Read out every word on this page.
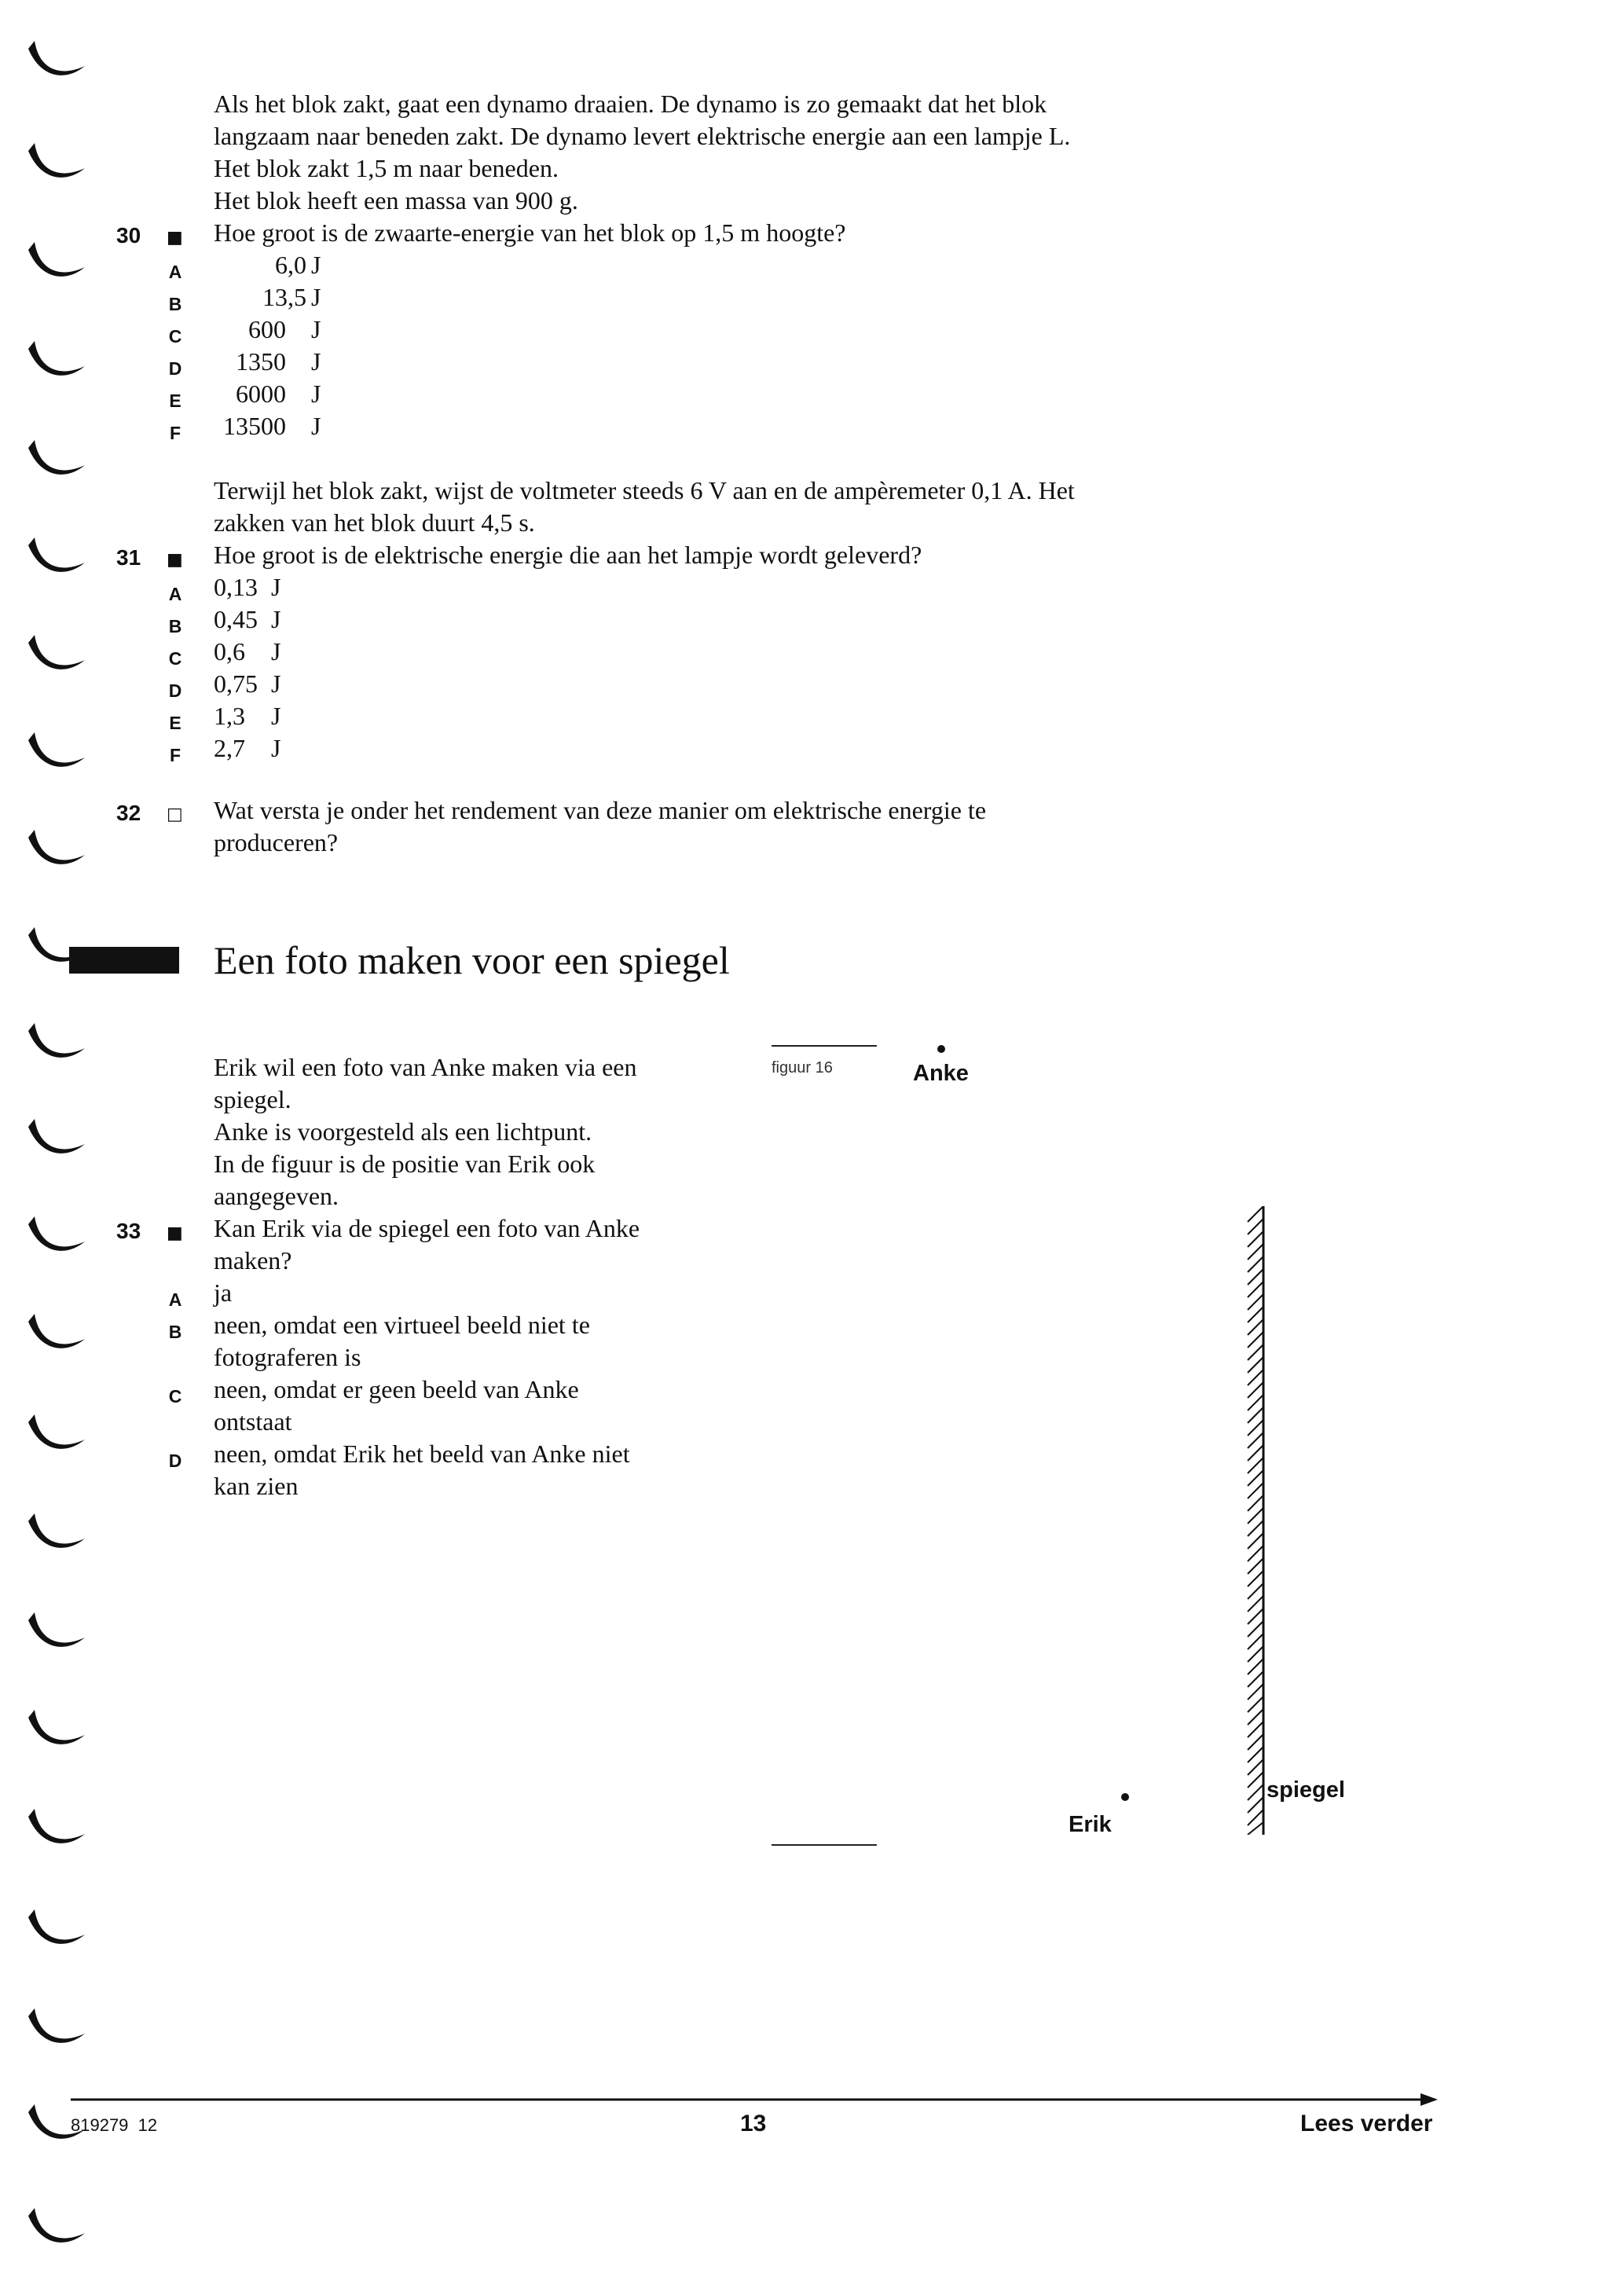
Als het blok zakt, gaat een dynamo draaien. De dynamo is zo gemaakt dat het blok
langzaam naar beneden zakt. De dynamo levert elektrische energie aan een lampje L.
Het blok zakt 1,5 m naar beneden.
Het blok heeft een massa van 900 g.
30 ■ Hoe groot is de zwaarte-energie van het blok op 1,5 m hoogte?
A	6,0 J
B	13,5 J
C	600 J
D	1350 J
E	6000 J
F	13500 J
Terwijl het blok zakt, wijst de voltmeter steeds 6 V aan en de ampèremeter 0,1 A. Het
zakken van het blok duurt 4,5 s.
31 ■ Hoe groot is de elektrische energie die aan het lampje wordt geleverd?
A 0,13 J
B 0,45 J
C 0,6 J
D 0,75 J
E 1,3 J
F 2,7 J
32 □ Wat versta je onder het rendement van deze manier om elektrische energie te
produceren?
Een foto maken voor een spiegel
Erik wil een foto van Anke maken via een
spiegel.
Anke is voorgesteld als een lichtpunt.
In de figuur is de positie van Erik ook
aangegeven.
33 ■ Kan Erik via de spiegel een foto van Anke
maken?
A ja
B neen, omdat een virtueel beeld niet te
fotograferen is
C neen, omdat er geen beeld van Anke
ontstaat
D neen, omdat Erik het beeld van Anke niet
kan zien
figuur 16	Anke
spiegel
Erik
819279  12	13	Lees verder
